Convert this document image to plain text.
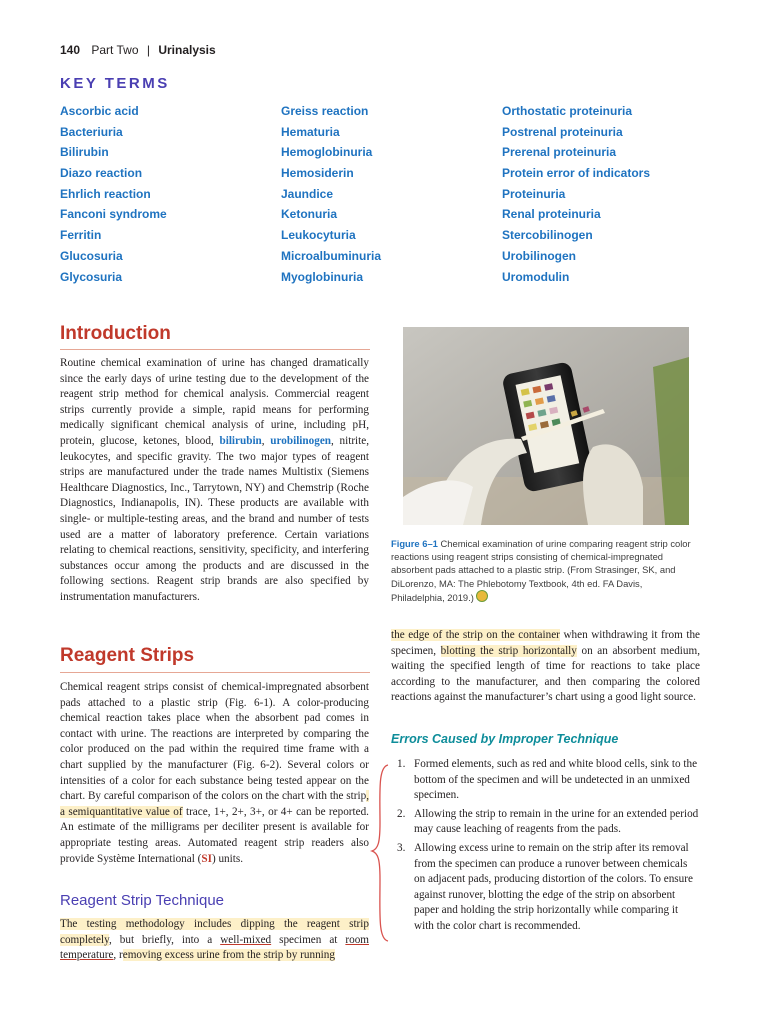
140 Part Two | Urinalysis
KEY TERMS
Ascorbic acid
Bacteriuria
Bilirubin
Diazo reaction
Ehrlich reaction
Fanconi syndrome
Ferritin
Glucosuria
Glycosuria
Greiss reaction
Hematuria
Hemoglobinuria
Hemosiderin
Jaundice
Ketonuria
Leukocyturia
Microalbuminuria
Myoglobinuria
Orthostatic proteinuria
Postrenal proteinuria
Prerenal proteinuria
Protein error of indicators
Proteinuria
Renal proteinuria
Stercobilinogen
Urobilinogen
Uromodulin
Introduction

Routine chemical examination of urine has changed dramatically since the early days of urine testing due to the development of the reagent strip method for chemical analysis. Commercial reagent strips currently provide a simple, rapid means for performing medically significant chemical analysis of urine, including pH, protein, glucose, ketones, blood, bilirubin, urobilinogen, nitrite, leukocytes, and specific gravity. The two major types of reagent strips are manufactured under the trade names Multistix (Siemens Healthcare Diagnostics, Inc., Tarrytown, NY) and Chemstrip (Roche Diagnostics, Indianapolis, IN). These products are available with single- or multiple-testing areas, and the brand and number of tests used are a matter of laboratory preference. Certain variations relating to chemical reactions, sensitivity, specificity, and interfering substances occur among the products and are discussed in the following sections. Reagent strip brands are also specified by instrumentation manufacturers.

Reagent Strips

Chemical reagent strips consist of chemical-impregnated absorbent pads attached to a plastic strip (Fig. 6-1). A color-producing chemical reaction takes place when the absorbent pad comes in contact with urine. The reactions are interpreted by comparing the color produced on the pad within the required time frame with a chart supplied by the manufacturer (Fig. 6-2). Several colors or intensities of a color for each substance being tested appear on the chart. By careful comparison of the colors on the chart with the strip, a semiquantitative value of trace, 1+, 2+, 3+, or 4+ can be reported. An estimate of the milligrams per deciliter present is available for appropriate testing areas. Automated reagent strip readers also provide Système International (SI) units.

Reagent Strip Technique

The testing methodology includes dipping the reagent strip completely, but briefly, into a well-mixed specimen at room temperature, removing excess urine from the strip by running

Figure 6–1 Chemical examination of urine comparing reagent strip color reactions using reagent strips consisting of chemical-impregnated absorbent pads attached to a plastic strip. (From Strasinger, SK, and DiLorenzo, MA: The Phlebotomy Textbook, 4th ed. FA Davis, Philadelphia, 2019.)

the edge of the strip on the container when withdrawing it from the specimen, blotting the strip horizontally on an absorbent medium, waiting the specified length of time for reactions to take place according to the manufacturer, and then comparing the colored reactions against the manufacturer’s chart using a good light source.

Errors Caused by Improper Technique
1. Formed elements, such as red and white blood cells, sink to the bottom of the specimen and will be undetected in an unmixed specimen.
2. Allowing the strip to remain in the urine for an extended period may cause leaching of reagents from the pads.
3. Allowing excess urine to remain on the strip after its removal from the specimen can produce a runover between chemicals on adjacent pads, producing distortion of the colors. To ensure against runover, blotting the edge of the strip on absorbent paper and holding the strip horizontally while comparing it with the color chart is recommended.
